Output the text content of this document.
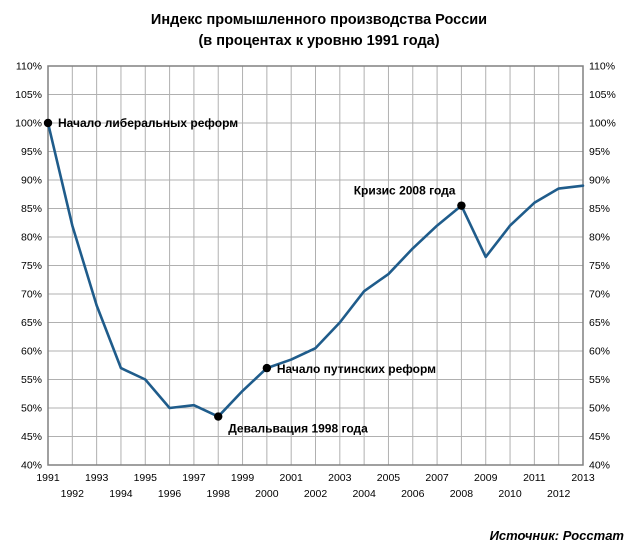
Индекс промышленного производства России
(в процентах к уровню 1991 года)
110%	110%
105%	105%
100%	100%
95%	95%
90%	90%
85%	85%
80%	80%
75%	75%
70%	70%
65%	65%
60%	60%
55%	55%
50%	50%
45%	45%
40%	40%
1991
1992
1993
1994
1995
1996
1997
1998
1999
2000
2001
2002
2003
2004
2005
2006
2007
2008
2009
2010
2011
2012
2013
Начало либеральных реформ
Девальвация 1998 года
Начало путинских реформ
Кризис 2008 года
Источник: Росстат
